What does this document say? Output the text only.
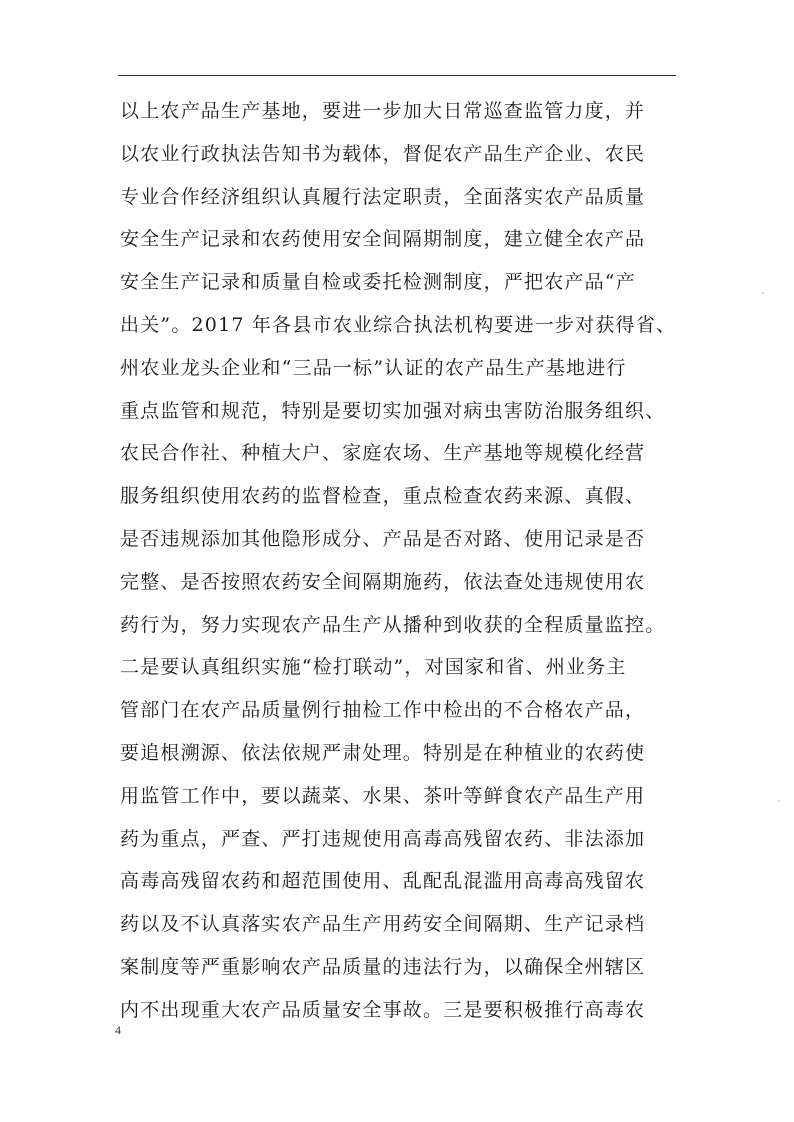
以上农产品生产基地，要进一步加大日常巡查监管力度，并
以农业行政执法告知书为载体，督促农产品生产企业、农民
专业合作经济组织认真履行法定职责，全面落实农产品质量
安全生产记录和农药使用安全间隔期制度，建立健全农产品
安全生产记录和质量自检或委托检测制度，严把农产品“产
出关”。2017 年各县市农业综合执法机构要进一步对获得省、
州农业龙头企业和“三品一标”认证的农产品生产基地进行
重点监管和规范，特别是要切实加强对病虫害防治服务组织、
农民合作社、种植大户、家庭农场、生产基地等规模化经营
服务组织使用农药的监督检查，重点检查农药来源、真假、
是否违规添加其他隐形成分、产品是否对路、使用记录是否
完整、是否按照农药安全间隔期施药，依法查处违规使用农
药行为，努力实现农产品生产从播种到收获的全程质量监控。
二是要认真组织实施“检打联动”，对国家和省、州业务主
管部门在农产品质量例行抽检工作中检出的不合格农产品，
要追根溯源、依法依规严肃处理。特别是在种植业的农药使
用监管工作中，要以蔬菜、水果、茶叶等鲜食农产品生产用
药为重点，严查、严打违规使用高毒高残留农药、非法添加
高毒高残留农药和超范围使用、乱配乱混滥用高毒高残留农
药以及不认真落实农产品生产用药安全间隔期、生产记录档
案制度等严重影响农产品质量的违法行为，以确保全州辖区
内不出现重大农产品质量安全事故。三是要积极推行高毒农
4
